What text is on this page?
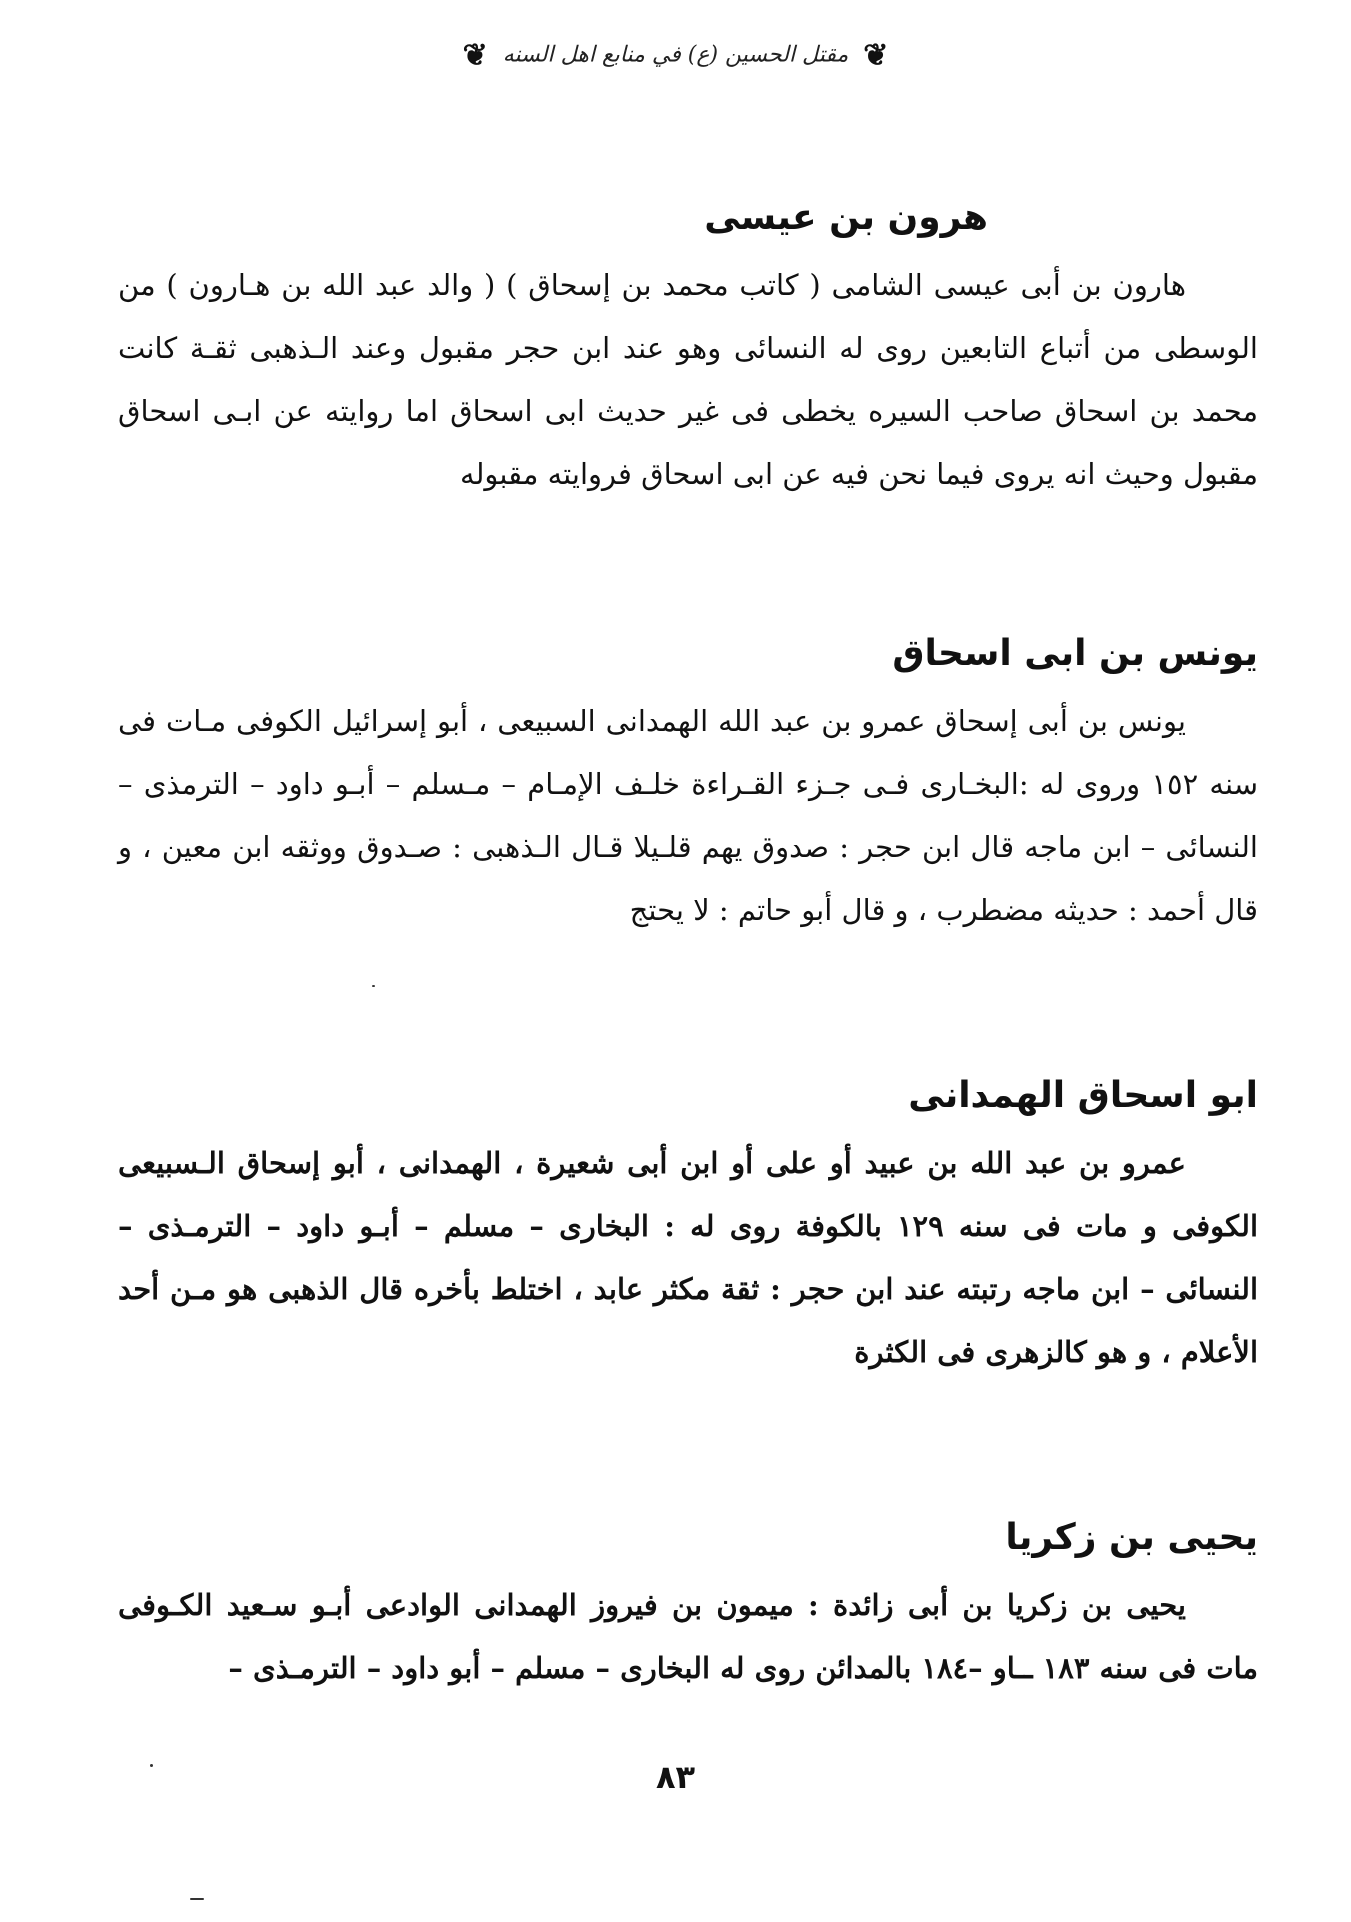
❦ مقتل الحسين (ع) في منابع اهل السنه ❦
هرون بن عيسى

هارون بن أبى عيسى الشامى ( كاتب محمد بن إسحاق ) ( والد عبد الله بن هـارون ) من الوسطى من أتباع التابعين روى له النسائى وهو عند ابن حجر مقبول وعند الـذهبى ثقـة كانت محمد بن اسحاق صاحب السيره يخطى فى غير حديث ابى اسحاق اما روايته عن ابـى اسحاق مقبول وحيث انه يروى فيما نحن فيه عن ابى اسحاق فروايته مقبوله

يونس بن ابى اسحاق

يونس بن أبى إسحاق عمرو بن عبد الله الهمدانى السبيعى ، أبو إسرائيل الكوفى مـات فى سنه ١٥٢ وروى له :البخـارى فـى جـزء القـراءة خلـف الإمـام – مـسلم – أبـو داود – الترمذى – النسائى – ابن ماجه قال ابن حجر : صدوق يهم قلـيلا قـال الـذهبى : صـدوق ووثقه ابن معين ، و قال أحمد : حديثه مضطرب ، و قال أبو حاتم : لا يحتج

ابو اسحاق الهمدانى

عمرو بن عبد الله بن عبيد أو على أو ابن أبى شعيرة ، الهمدانى ، أبو إسحاق الـسبيعى الكوفى و مات فى سنه ١٢٩ بالكوفة روى له : البخارى – مسلم – أبـو داود – الترمـذى – النسائى – ابن ماجه رتبته عند ابن حجر : ثقة مكثر عابد ، اختلط بأخره قال الذهبى هو مـن أحد الأعلام ، و هو كالزهرى فى الكثرة

يحيى بن زكريا

يحيى بن زكريا بن أبى زائدة : ميمون بن فيروز الهمدانى الوادعى أبـو سـعيد الكـوفى مات فى سنه ١٨٣ ــاو –١٨٤ بالمدائن روى له البخارى – مسلم – أبو داود – الترمـذى –

٨٣
